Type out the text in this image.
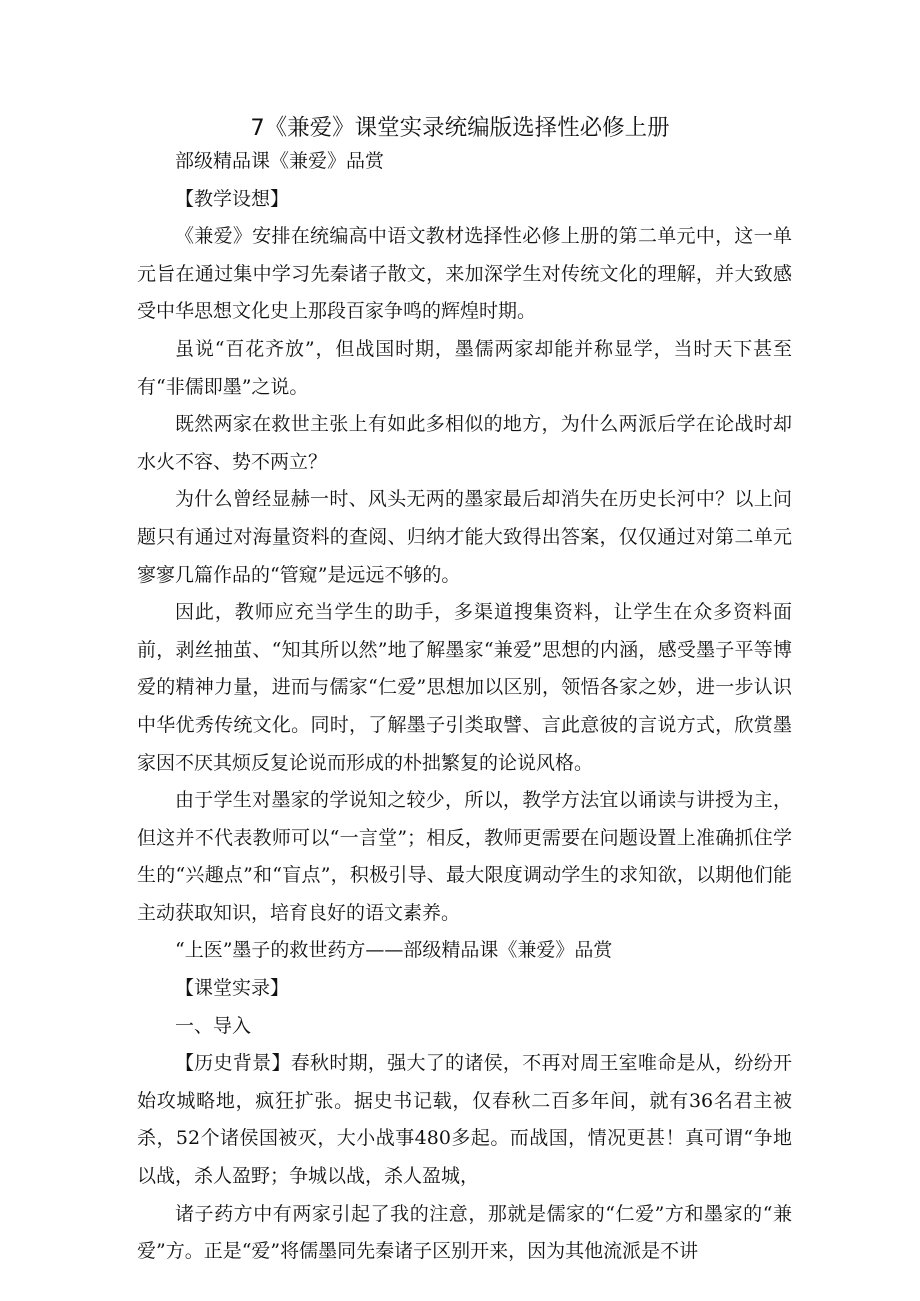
7《兼爱》课堂实录统编版选择性必修上册

部级精品课《兼爱》品赏

【教学设想】

《兼爱》安排在统编高中语文教材选择性必修上册的第二单元中，这一单元旨在通过集中学习先秦诸子散文，来加深学生对传统文化的理解，并大致感受中华思想文化史上那段百家争鸣的辉煌时期。

虽说“百花齐放”，但战国时期，墨儒两家却能并称显学，当时天下甚至有“非儒即墨”之说。

既然两家在救世主张上有如此多相似的地方，为什么两派后学在论战时却水火不容、势不两立？

为什么曾经显赫一时、风头无两的墨家最后却消失在历史长河中？以上问题只有通过对海量资料的查阅、归纳才能大致得出答案，仅仅通过对第二单元寥寥几篇作品的“管窥”是远远不够的。

因此，教师应充当学生的助手，多渠道搜集资料，让学生在众多资料面前，剥丝抽茧、“知其所以然”地了解墨家“兼爱”思想的内涵，感受墨子平等博爱的精神力量，进而与儒家“仁爱”思想加以区别，领悟各家之妙，进一步认识中华优秀传统文化。同时，了解墨子引类取譬、言此意彼的言说方式，欣赏墨家因不厌其烦反复论说而形成的朴拙繁复的论说风格。

由于学生对墨家的学说知之较少，所以，教学方法宜以诵读与讲授为主，但这并不代表教师可以“一言堂”；相反，教师更需要在问题设置上准确抓住学生的“兴趣点”和“盲点”，积极引导、最大限度调动学生的求知欲，以期他们能主动获取知识，培育良好的语文素养。

“上医”墨子的救世药方——部级精品课《兼爱》品赏

【课堂实录】

一、导入

【历史背景】春秋时期，强大了的诸侯，不再对周王室唯命是从，纷纷开始攻城略地，疯狂扩张。据史书记载，仅春秋二百多年间，就有36名君主被杀，52个诸侯国被灭，大小战事480多起。而战国，情况更甚！真可谓“争地以战，杀人盈野；争城以战，杀人盈城，

诸子药方中有两家引起了我的注意，那就是儒家的“仁爱”方和墨家的“兼爱”方。正是“爱”将儒墨同先秦诸子区别开来，因为其他流派是不讲
